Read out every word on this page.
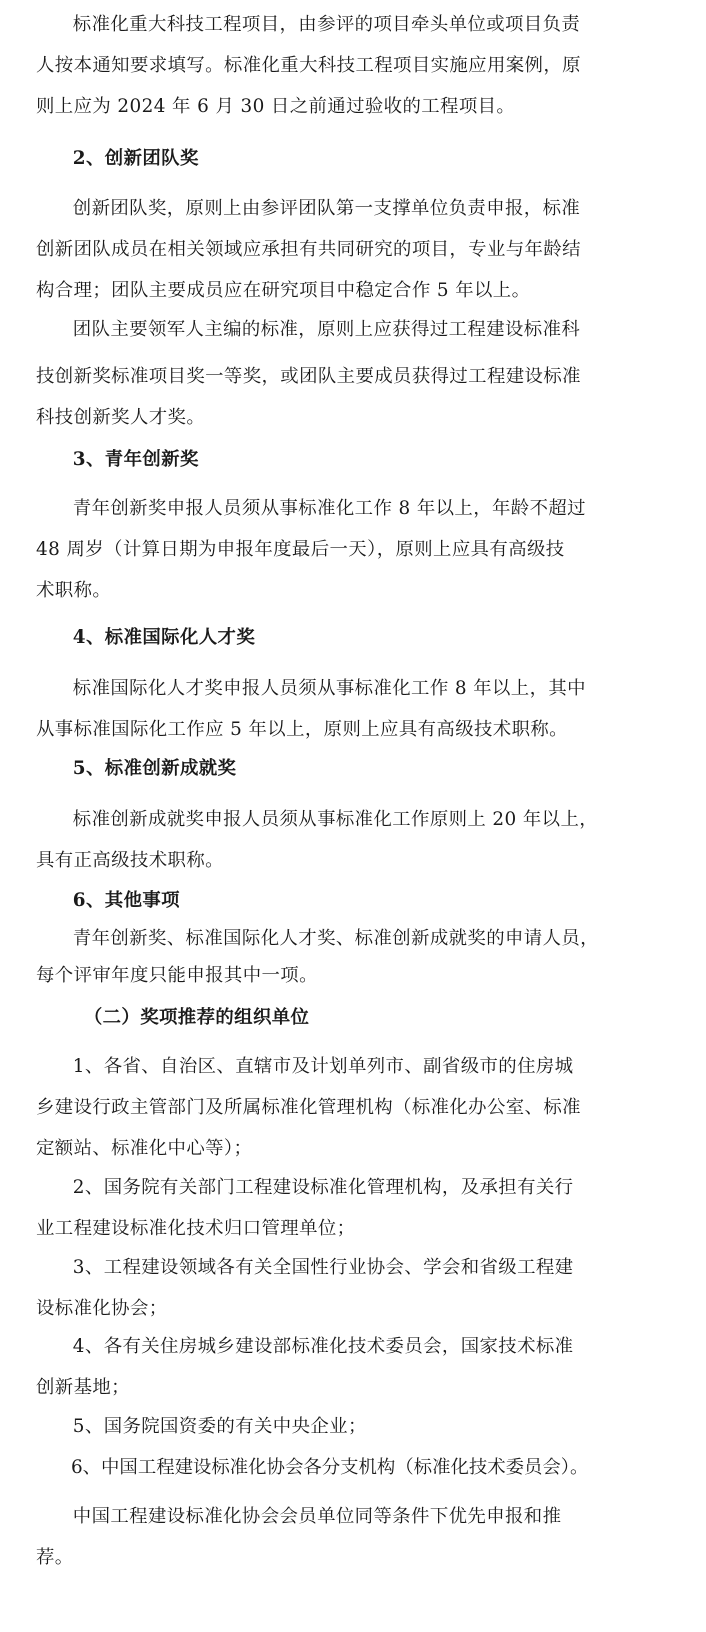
标准化重大科技工程项目，由参评的项目牵头单位或项目负责
人按本通知要求填写。标准化重大科技工程项目实施应用案例，原
则上应为 2024 年 6 月 30 日之前通过验收的工程项目。

2、创新团队奖

创新团队奖，原则上由参评团队第一支撑单位负责申报，标准
创新团队成员在相关领域应承担有共同研究的项目，专业与年龄结
构合理；团队主要成员应在研究项目中稳定合作 5 年以上。

团队主要领军人主编的标准，原则上应获得过工程建设标准科
技创新奖标准项目奖一等奖，或团队主要成员获得过工程建设标准
科技创新奖人才奖。

3、青年创新奖

青年创新奖申报人员须从事标准化工作 8 年以上，年龄不超过
48 周岁（计算日期为申报年度最后一天），原则上应具有高级技
术职称。

4、标准国际化人才奖

标准国际化人才奖申报人员须从事标准化工作 8 年以上，其中
从事标准国际化工作应 5 年以上，原则上应具有高级技术职称。

5、标准创新成就奖

标准创新成就奖申报人员须从事标准化工作原则上 20 年以上，
具有正高级技术职称。

6、其他事项

青年创新奖、标准国际化人才奖、标准创新成就奖的申请人员，
每个评审年度只能申报其中一项。

（二）奖项推荐的组织单位

1、各省、自治区、直辖市及计划单列市、副省级市的住房城
乡建设行政主管部门及所属标准化管理机构（标准化办公室、标准
定额站、标准化中心等）；

2、国务院有关部门工程建设标准化管理机构，及承担有关行
业工程建设标准化技术归口管理单位；

3、工程建设领域各有关全国性行业协会、学会和省级工程建
设标准化协会；

4、各有关住房城乡建设部标准化技术委员会，国家技术标准
创新基地；

5、国务院国资委的有关中央企业；

6、中国工程建设标准化协会各分支机构（标准化技术委员会）。

中国工程建设标准化协会会员单位同等条件下优先申报和推
荐。
